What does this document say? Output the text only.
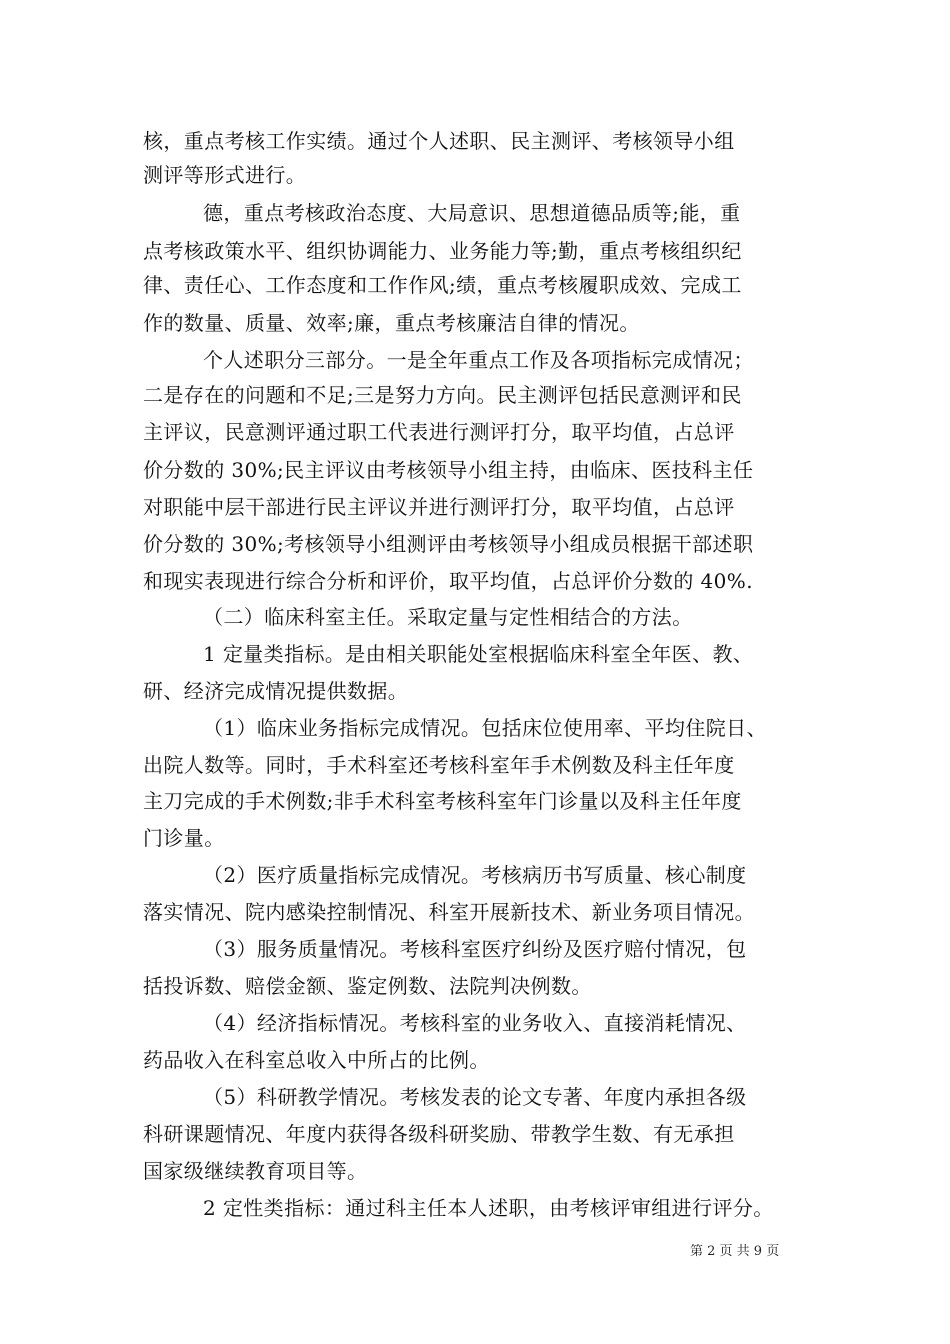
核，重点考核工作实绩。通过个人述职、民主测评、考核领导小组
测评等形式进行。
德，重点考核政治态度、大局意识、思想道德品质等;能，重
点考核政策水平、组织协调能力、业务能力等;勤，重点考核组织纪
律、责任心、工作态度和工作作风;绩，重点考核履职成效、完成工
作的数量、质量、效率;廉，重点考核廉洁自律的情况。
个人述职分三部分。一是全年重点工作及各项指标完成情况；
二是存在的问题和不足;三是努力方向。民主测评包括民意测评和民
主评议，民意测评通过职工代表进行测评打分，取平均值，占总评
价分数的 30%;民主评议由考核领导小组主持，由临床、医技科主任
对职能中层干部进行民主评议并进行测评打分，取平均值，占总评
价分数的 30%;考核领导小组测评由考核领导小组成员根据干部述职
和现实表现进行综合分析和评价，取平均值，占总评价分数的 40%.
（二）临床科室主任。采取定量与定性相结合的方法。
1 定量类指标。是由相关职能处室根据临床科室全年医、教、
研、经济完成情况提供数据。
（1）临床业务指标完成情况。包括床位使用率、平均住院日、
出院人数等。同时，手术科室还考核科室年手术例数及科主任年度
主刀完成的手术例数;非手术科室考核科室年门诊量以及科主任年度
门诊量。
（2）医疗质量指标完成情况。考核病历书写质量、核心制度
落实情况、院内感染控制情况、科室开展新技术、新业务项目情况。
（3）服务质量情况。考核科室医疗纠纷及医疗赔付情况，包
括投诉数、赔偿金额、鉴定例数、法院判决例数。
（4）经济指标情况。考核科室的业务收入、直接消耗情况、
药品收入在科室总收入中所占的比例。
（5）科研教学情况。考核发表的论文专著、年度内承担各级
科研课题情况、年度内获得各级科研奖励、带教学生数、有无承担
国家级继续教育项目等。
2 定性类指标：通过科主任本人述职，由考核评审组进行评分。
第 2 页 共 9 页
